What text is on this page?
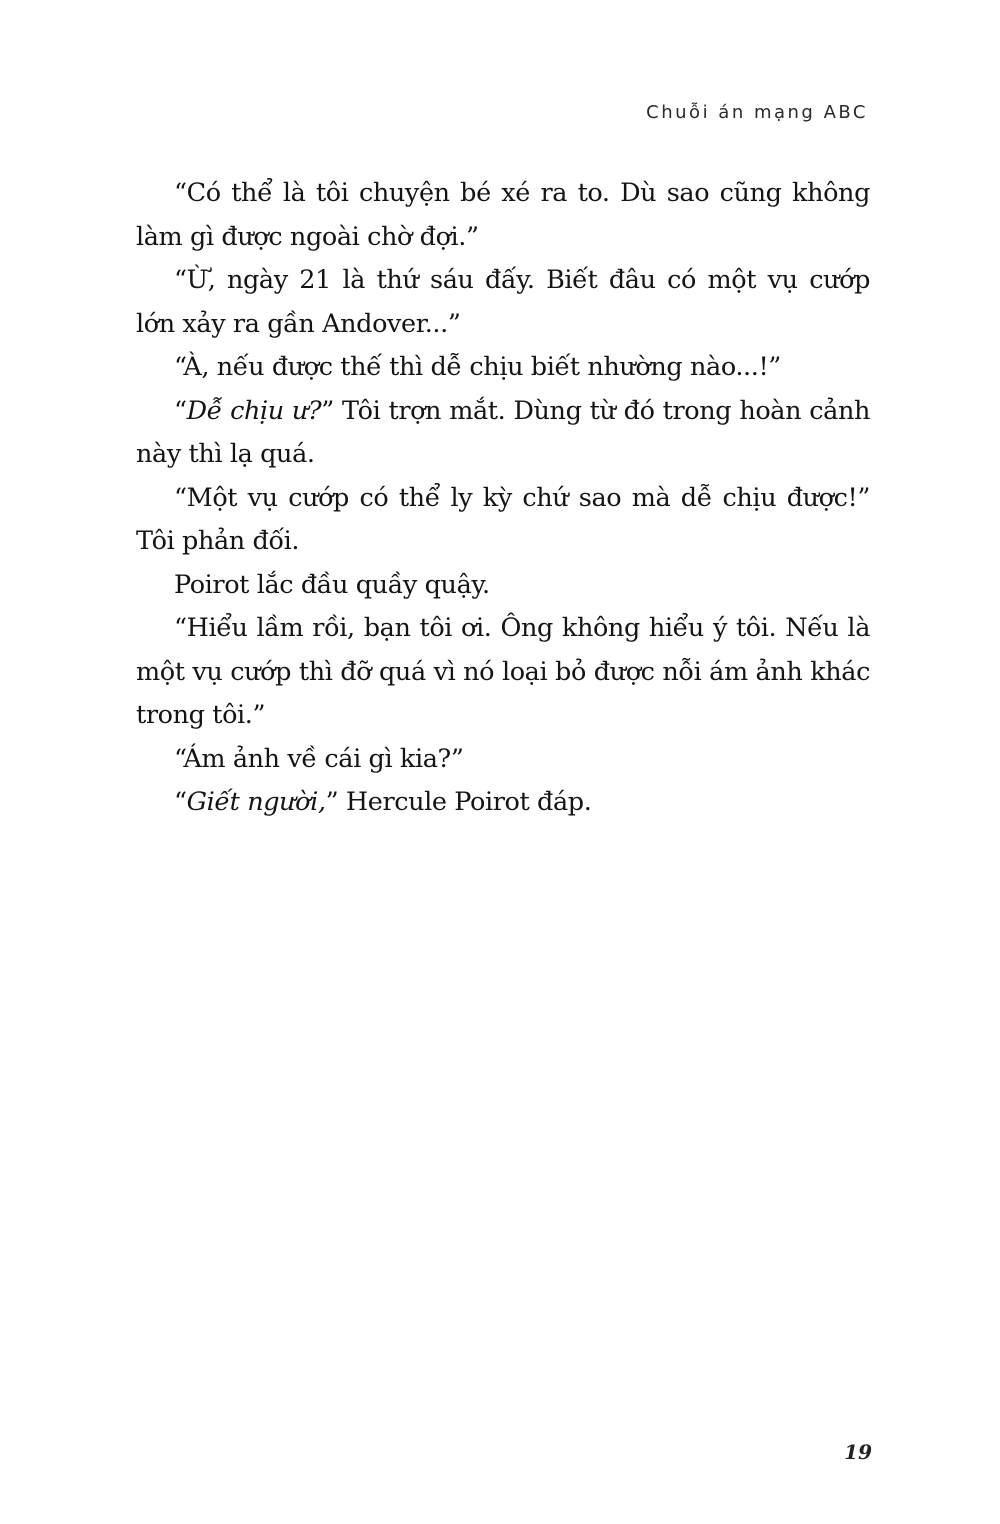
Chuỗi án mạng ABC

“Có thể là tôi chuyện bé xé ra to. Dù sao cũng không làm gì được ngoài chờ đợi.”

“Ừ, ngày 21 là thứ sáu đấy. Biết đâu có một vụ cướp lớn xảy ra gần Andover...”

“À, nếu được thế thì dễ chịu biết nhường nào...!”

“Dễ chịu ư?” Tôi trợn mắt. Dùng từ đó trong hoàn cảnh này thì lạ quá.

“Một vụ cướp có thể ly kỳ chứ sao mà dễ chịu được!” Tôi phản đối.

Poirot lắc đầu quầy quậy.

“Hiểu lầm rồi, bạn tôi ơi. Ông không hiểu ý tôi. Nếu là một vụ cướp thì đỡ quá vì nó loại bỏ được nỗi ám ảnh khác trong tôi.”

“Ám ảnh về cái gì kia?”

“Giết người,” Hercule Poirot đáp.

19
